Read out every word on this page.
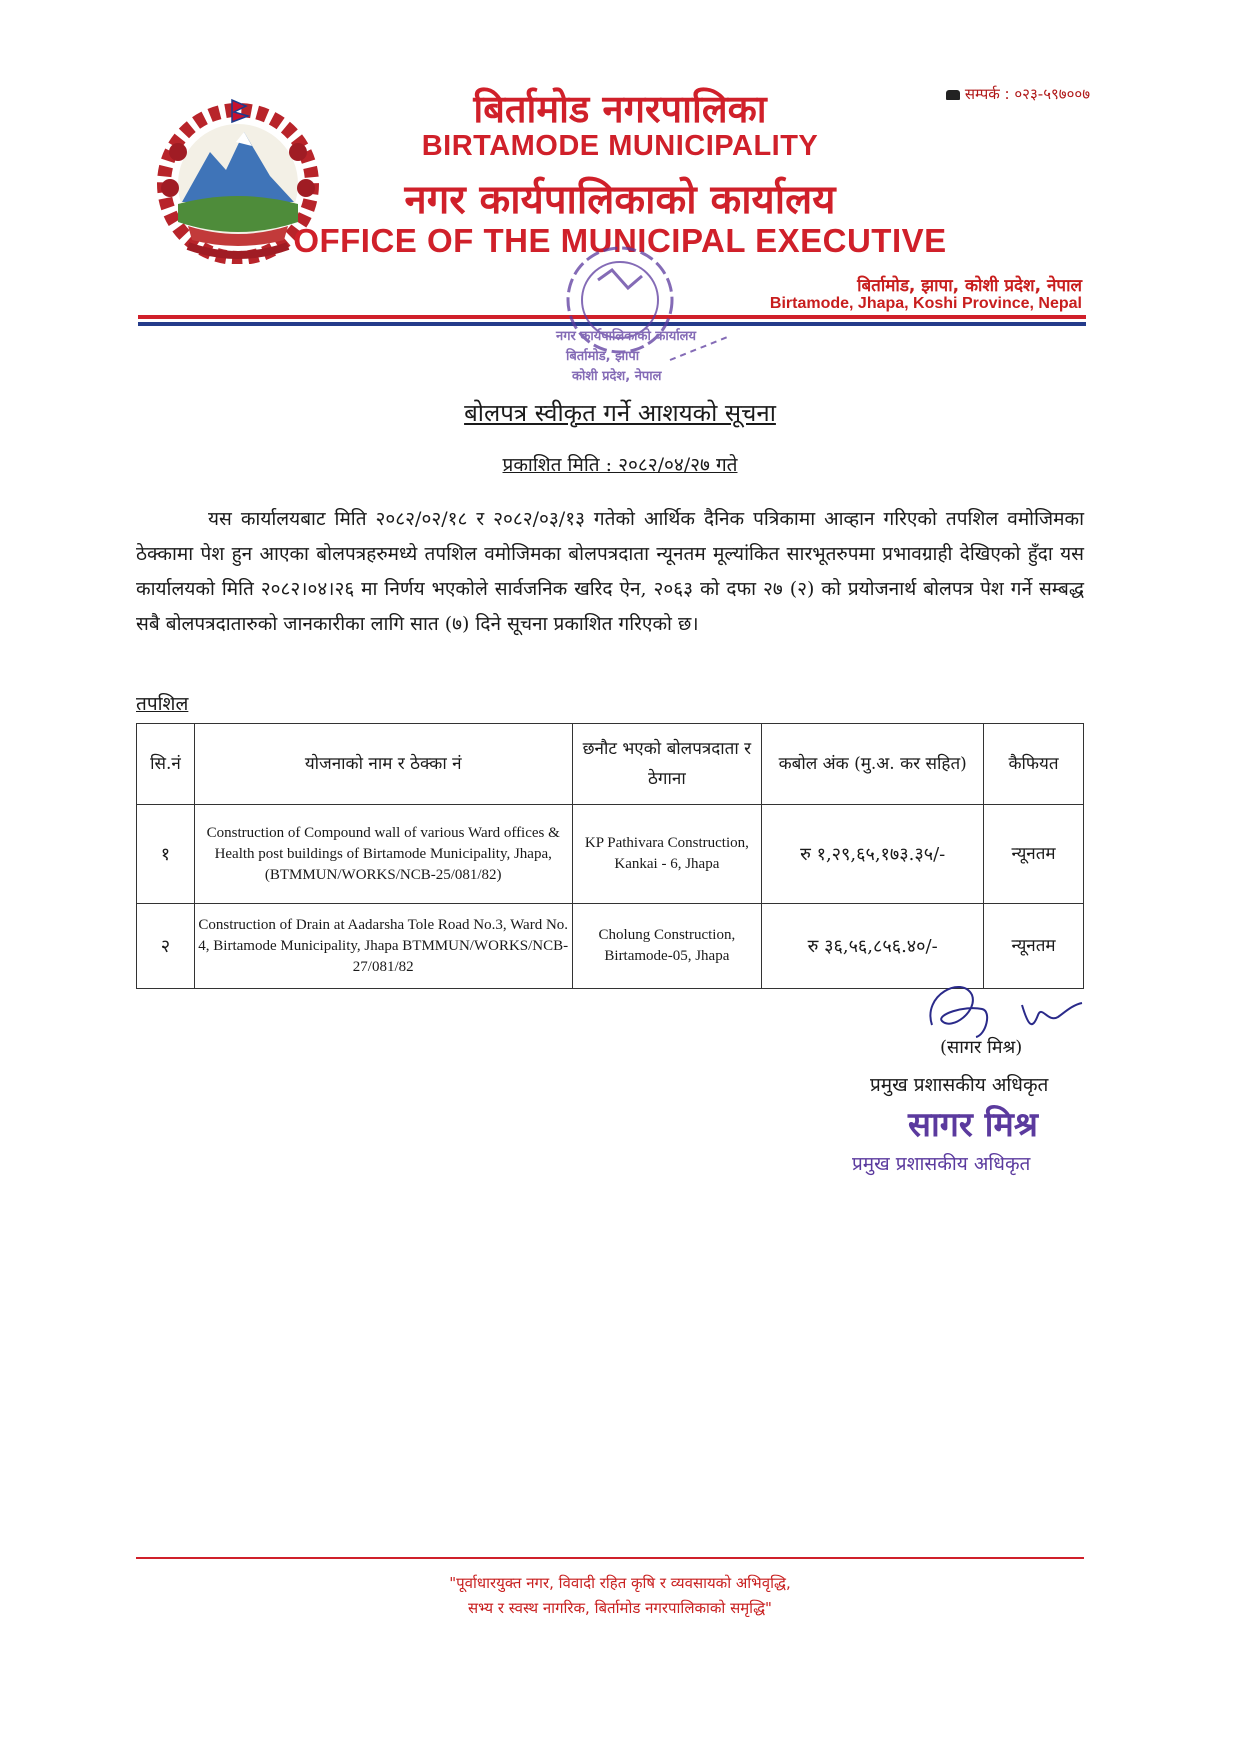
सम्पर्क : ०२३-५९७००७
बिर्तामोड नगरपालिका
BIRTAMODE MUNICIPALITY
नगर कार्यपालिकाको कार्यालय
OFFICE OF THE MUNICIPAL EXECUTIVE
बिर्तामोड, झापा, कोशी प्रदेश, नेपाल
Birtamode, Jhapa, Koshi Province, Nepal
नगर कार्यपालिकाको कार्यालय
बिर्तामोड, झापा
कोशी प्रदेश, नेपाल
बोलपत्र स्वीकृत गर्ने आशयको सूचना
प्रकाशित मिति : २०८२/०४/२७ गते

यस कार्यालयबाट मिति २०८२/०२/१८ र २०८२/०३/१३ गतेको आर्थिक दैनिक पत्रिकामा आव्हान गरिएको तपशिल वमोजिमका ठेक्कामा पेश हुन आएका बोलपत्रहरुमध्ये तपशिल वमोजिमका बोलपत्रदाता न्यूनतम मूल्यांकित सारभूतरुपमा प्रभावग्राही देखिएको हुँदा यस कार्यालयको मिति २०८२।०४।२६ मा निर्णय भएकोले सार्वजनिक खरिद ऐन, २०६३ को दफा २७ (२) को प्रयोजनार्थ बोलपत्र पेश गर्ने सम्बद्ध सबै बोलपत्रदातारुको जानकारीका लागि सात (७) दिने सूचना प्रकाशित गरिएको छ।

तपशिल
सि.नं	योजनाको नाम र ठेक्का नं	छनौट भएको बोलपत्रदाता र ठेगाना	कबोल अंक (मु.अ. कर सहित)	कैफियत
१	Construction of Compound wall of various Ward offices & Health post buildings of Birtamode Municipality, Jhapa, (BTMMUN/WORKS/NCB-25/081/82)	KP Pathivara Construction, Kankai - 6, Jhapa	रु १,२९,६५,१७३.३५/-	न्यूनतम
२	Construction of Drain at Aadarsha Tole Road No.3, Ward No. 4, Birtamode Municipality, Jhapa BTMMUN/WORKS/NCB-27/081/82	Cholung Construction, Birtamode-05, Jhapa	रु ३६,५६,८५६.४०/-	न्यूनतम
(सागर मिश्र)
प्रमुख प्रशासकीय अधिकृत
सागर मिश्र
प्रमुख प्रशासकीय अधिकृत
"पूर्वाधारयुक्त नगर, विवादी रहित कृषि र व्यवसायको अभिवृद्धि,
सभ्य र स्वस्थ नागरिक, बिर्तामोड नगरपालिकाको समृद्धि"
